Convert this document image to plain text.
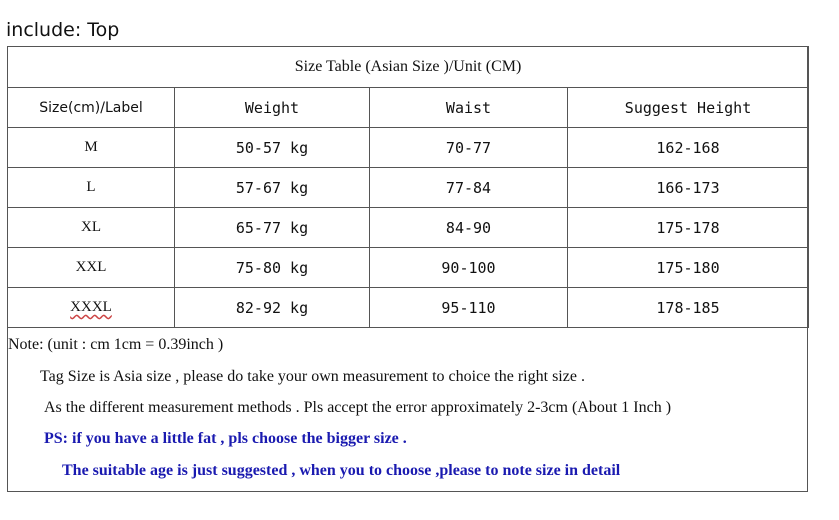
include: Top
Size Table (Asian Size )/Unit (CM)			
Size(cm)/Label	Weight	Waist	Suggest Height
M	50-57 kg	70-77	162-168
L	57-67 kg	77-84	166-173
XL	65-77 kg	84-90	175-178
XXL	75-80 kg	90-100	175-180
XXXL	82-92 kg	95-110	178-185
Note: (unit : cm 1cm = 0.39inch )
Tag Size is Asia size , please do take your own measurement to choice the right size .
As the different measurement methods . Pls accept the error approximately 2-3cm (About 1 Inch )
PS: if you have a little fat , pls choose the bigger size .
The suitable age is just suggested , when you to choose ,please to note size in detail
